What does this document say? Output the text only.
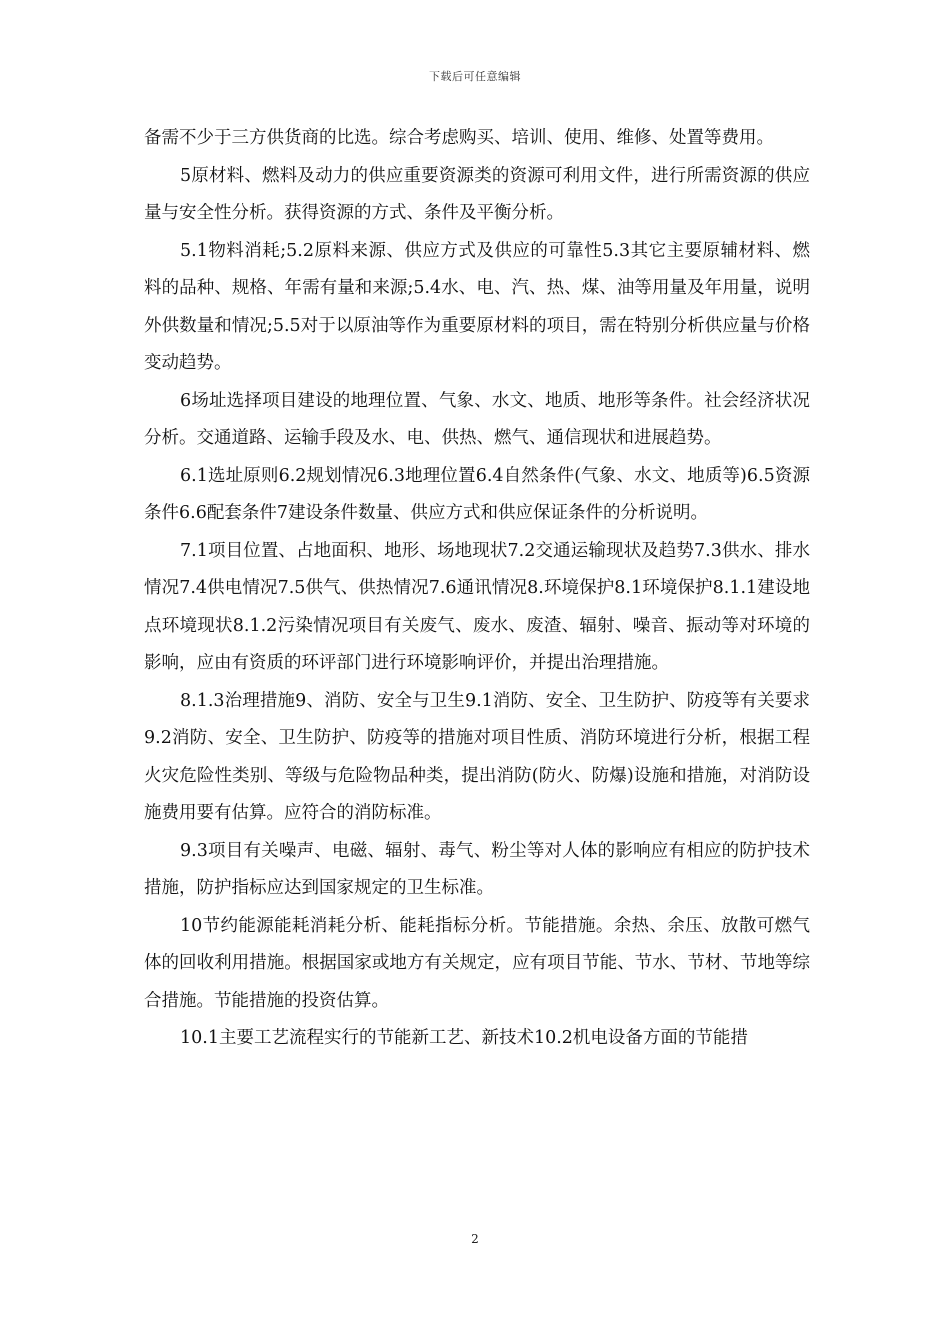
下载后可任意编辑

备需不少于三方供货商的比选。综合考虑购买、培训、使用、维修、处置等费用。

5原材料、燃料及动力的供应重要资源类的资源可利用文件，进行所需资源的供应量与安全性分析。获得资源的方式、条件及平衡分析。

5.1物料消耗;5.2原料来源、供应方式及供应的可靠性5.3其它主要原辅材料、燃料的品种、规格、年需有量和来源;5.4水、电、汽、热、煤、油等用量及年用量，说明外供数量和情况;5.5对于以原油等作为重要原材料的项目，需在特别分析供应量与价格变动趋势。

6场址选择项目建设的地理位置、气象、水文、地质、地形等条件。社会经济状况分析。交通道路、运输手段及水、电、供热、燃气、通信现状和进展趋势。

6.1选址原则6.2规划情况6.3地理位置6.4自然条件(气象、水文、地质等)6.5资源条件6.6配套条件7建设条件数量、供应方式和供应保证条件的分析说明。

7.1项目位置、占地面积、地形、场地现状7.2交通运输现状及趋势7.3供水、排水情况7.4供电情况7.5供气、供热情况7.6通讯情况8.环境保护8.1环境保护8.1.1建设地点环境现状8.1.2污染情况项目有关废气、废水、废渣、辐射、噪音、振动等对环境的影响，应由有资质的环评部门进行环境影响评价，并提出治理措施。

8.1.3治理措施9、消防、安全与卫生9.1消防、安全、卫生防护、防疫等有关要求9.2消防、安全、卫生防护、防疫等的措施对项目性质、消防环境进行分析，根据工程火灾危险性类别、等级与危险物品种类，提出消防(防火、防爆)设施和措施，对消防设施费用要有估算。应符合的消防标准。

9.3项目有关噪声、电磁、辐射、毒气、粉尘等对人体的影响应有相应的防护技术措施，防护指标应达到国家规定的卫生标准。

10节约能源能耗消耗分析、能耗指标分析。节能措施。余热、余压、放散可燃气体的回收利用措施。根据国家或地方有关规定，应有项目节能、节水、节材、节地等综合措施。节能措施的投资估算。

10.1主要工艺流程实行的节能新工艺、新技术10.2机电设备方面的节能措

2
